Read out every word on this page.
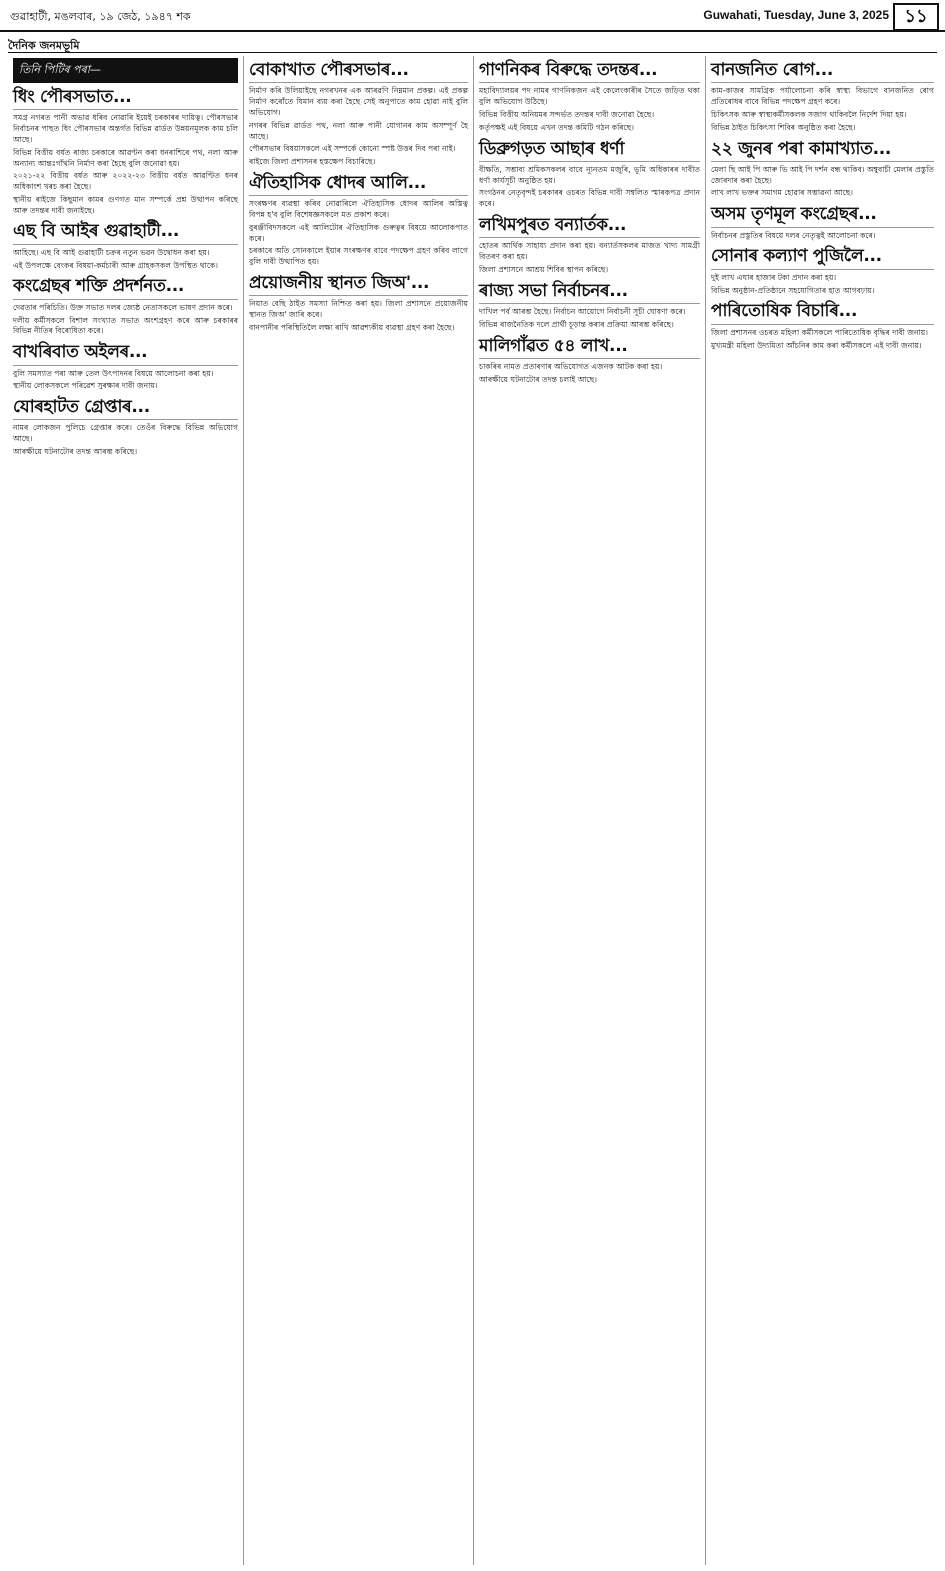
গুৱাহাটী, মঙলবাৰ, ১৯ জেঠ, ১৯৪৭ শক	Guwahati, Tuesday, June 3, 2025 ১১
দৈনিক জনমভূমি
তিনি পিটিৰ পৰা—
ধিং পৌৰসভাত...

সমগ্ৰ নগৰত পানী অভাৱ ধৰিব নোৱাৰি ইয়েই চৰকাৰৰ দায়িত্ব। পৌৰসভাৰ নিৰ্বাচনৰ পাছত ধিং পৌৰসভাৰ অন্তৰ্গত বিভিন্ন ৱাৰ্ডত উন্নয়নমূলক কাম চলি আছে।

বিভিন্ন বিত্তীয় বৰ্ষত ৰাজ্য চৰকাৰে আৱণ্টন কৰা ধনৰাশিৰে পথ, নলা আৰু অন্যান্য আন্তঃগাঁথনি নিৰ্মাণ কৰা হৈছে বুলি জনোৱা হয়।

২০২১-২২ বিত্তীয় বৰ্ষত আৰু ২০২২-২৩ বিত্তীয় বৰ্ষত আৱণ্টিত ধনৰ অধিকাংশ খৰচ কৰা হৈছে।

স্থানীয় ৰাইজে কিছুমান কামৰ গুণগত মান সম্পৰ্কে প্ৰশ্ন উত্থাপন কৰিছে আৰু তদন্তৰ দাবী জনাইছে।

এছ বি আইৰ গুৱাহাটী...

আহিছে। এছ বি আই গুৱাহাটী চক্ৰৰ নতুন ভৱন উদ্বোধন কৰা হয়।

এই উপলক্ষে বেংকৰ বিষয়া-কৰ্মচাৰী আৰু গ্ৰাহকসকল উপস্থিত থাকে।

কংগ্ৰেছৰ শক্তি প্ৰদৰ্শনত...

দেৱতাৰ পৰিচিতি। উক্ত সভাত দলৰ জ্যেষ্ঠ নেতাসকলে ভাষণ প্ৰদান কৰে।

দলীয় কৰ্মীসকলে বিশাল সংখ্যাত সভাত অংশগ্ৰহণ কৰে আৰু চৰকাৰৰ বিভিন্ন নীতিৰ বিৰোধিতা কৰে।

বাখৰিবাত অইলৰ...

বুলি সমস্যাত পৰা আৰু তেল উৎপাদনৰ বিষয়ে আলোচনা কৰা হয়।

স্থানীয় লোকসকলে পৰিৱেশ সুৰক্ষাৰ দাবী জনায়।

যোৰহাটত গ্ৰেপ্তাৰ...

নামৰ লোকজন পুলিচে গ্ৰেপ্তাৰ কৰে। তেওঁৰ বিৰুদ্ধে বিভিন্ন অভিযোগ আছে।

আৰক্ষীয়ে ঘটনাটোৰ তদন্ত আৰম্ভ কৰিছে।

বোকাখাত পৌৰসভাৰ...

নিৰ্মাণ কৰি উলিয়াইছে নগৰখনৰ এক আৰৱণি নিম্নমান প্ৰকল্প। এই প্ৰকল্প নিৰ্মাণ কৰোঁতে যিমান ব্যয় কৰা হৈছে সেই অনুপাতে কাম হোৱা নাই বুলি অভিযোগ।

নগৰৰ বিভিন্ন ৱাৰ্ডত পথ, নলা আৰু পানী যোগানৰ কাম অসম্পূৰ্ণ হৈ আছে।

পৌৰসভাৰ বিষয়াসকলে এই সম্পৰ্কে কোনো স্পষ্ট উত্তৰ দিব পৰা নাই।

ৰাইজে জিলা প্ৰশাসনৰ হস্তক্ষেপ বিচাৰিছে।

ঐতিহাসিক ধোদৰ আলি...

সংৰক্ষণৰ ব্যৱস্থা কৰিব নোৱাৰিলে ঐতিহাসিক ধোদৰ আলিৰ অস্তিত্ব বিপন্ন হ'ব বুলি বিশেষজ্ঞসকলে মত প্ৰকাশ কৰে।

বুৰঞ্জীবিদসকলে এই আলিটোৰ ঐতিহাসিক গুৰুত্বৰ বিষয়ে আলোকপাত কৰে।

চৰকাৰে অতি সোনকালে ইয়াৰ সংৰক্ষণৰ বাবে পদক্ষেপ গ্ৰহণ কৰিব লাগে বুলি দাবী উত্থাপিত হয়।

প্ৰয়োজনীয় স্থানত জিঅ'...

নিয়াত বেছি ঠাইত সমস্যা নিশ্চিত কৰা হয়। জিলা প্ৰশাসনে প্ৰয়োজনীয় স্থানত জিঅ' জাৰি কৰে।

বানপানীৰ পৰিস্থিতিলৈ লক্ষ্য ৰাখি আৱশ্যকীয় ব্যৱস্থা গ্ৰহণ কৰা হৈছে।

গাণনিকৰ বিৰুদ্ধে তদন্তৰ...

মহাবিদ্যালয়ৰ পদ নামৰ গাণনিকজন এই কেলেংকাৰীৰ সৈতে জড়িত থকা বুলি অভিযোগ উঠিছে।

বিভিন্ন বিত্তীয় অনিয়মৰ সন্দৰ্ভত তদন্তৰ দাবী জনোৱা হৈছে।

কৰ্তৃপক্ষই এই বিষয়ে এখন তদন্ত কমিটি গঠন কৰিছে।

ডিব্ৰুগড়ত আছাৰ ধৰ্ণা

বীক্ষতি, সম্ভাব্য শ্ৰমিকসকলৰ বাবে ন্যূনতম মজুৰি, ভূমি অধিকাৰৰ দাবীত ধৰ্ণা কাৰ্যসূচী অনুষ্ঠিত হয়।

সংগঠনৰ নেতৃবৃন্দই চৰকাৰৰ ওচৰত বিভিন্ন দাবী সম্বলিত স্মাৰকপত্ৰ প্ৰদান কৰে।

লখিমপুৰত বন্যাৰ্তক...

হোতৰ আৰ্থিক সাহায্য প্ৰদান কৰা হয়। বন্যাৰ্তসকলৰ মাজত খাদ্য সামগ্ৰী বিতৰণ কৰা হয়।

জিলা প্ৰশাসনে আশ্ৰয় শিবিৰ স্থাপন কৰিছে।

ৰাজ্য সভা নিৰ্বাচনৰ...

দাখিল পৰ্ব আৰম্ভ হৈছে। নিৰ্বাচন আয়োগে নিৰ্বাচনী সূচী ঘোষণা কৰে।

বিভিন্ন ৰাজনৈতিক দলে প্ৰাৰ্থী চূড়ান্ত কৰাৰ প্ৰক্ৰিয়া আৰম্ভ কৰিছে।

মালিগাঁৱত ৫৪ লাখ...

চাকৰিৰ নামত প্ৰতাৰণাৰ অভিযোগত এজনক আটক কৰা হয়।

আৰক্ষীয়ে ঘটনাটোৰ তদন্ত চলাই আছে।

বানজনিত ৰোগ...

কাম-কাজৰ সামগ্ৰিক পৰ্যালোচনা কৰি স্বাস্থ্য বিভাগে বানজনিত ৰোগ প্ৰতিৰোধৰ বাবে বিভিন্ন পদক্ষেপ গ্ৰহণ কৰে।

চিকিৎসক আৰু স্বাস্থ্যকৰ্মীসকলক সজাগ থাকিবলৈ নিৰ্দেশ দিয়া হয়।

বিভিন্ন ঠাইত চিকিৎসা শিবিৰ অনুষ্ঠিত কৰা হৈছে।

২২ জুনৰ পৰা কামাখ্যাত...

মেলা ছি আই পি আৰু ভি আই পি দৰ্শন বন্ধ থাকিব। অম্বুবাচী মেলাৰ প্ৰস্তুতি জোৰদাৰ কৰা হৈছে।

লাখ লাখ ভক্তৰ সমাগম হোৱাৰ সম্ভাৱনা আছে।

অসম তৃণমূল কংগ্ৰেছৰ...

নিৰ্বাচনৰ প্ৰস্তুতিৰ বিষয়ে দলৰ নেতৃত্বই আলোচনা কৰে।

সোনাৰ কল্যাণ পুজিলৈ...

দুই লাখ এঘাৰ হাজাৰ টকা প্ৰদান কৰা হয়।

বিভিন্ন অনুষ্ঠান-প্ৰতিষ্ঠানে সহযোগিতাৰ হাত আগবঢ়ায়।

পাৰিতোষিক বিচাৰি...

জিলা প্ৰশাসনৰ ওচৰত মহিলা কৰ্মীসকলে পাৰিতোষিক বৃদ্ধিৰ দাবী জনায়।

মুখ্যমন্ত্ৰী মহিলা উদ্যমিতা আঁচনিৰ কাম কৰা কৰ্মীসকলে এই দাবী জনায়।
